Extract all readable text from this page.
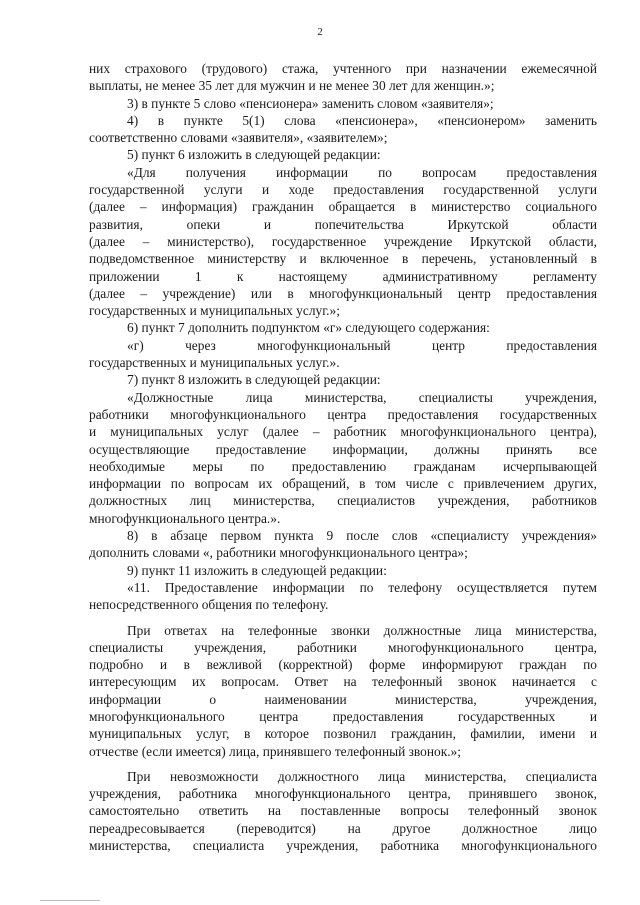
2
них страхового (трудового) стажа, учтенного при назначении ежемесячной
выплаты, не менее 35 лет для мужчин и не менее 30 лет для женщин.»;
3) в пункте 5 слово «пенсионера» заменить словом «заявителя»;
4) в пункте 5(1) слова «пенсионера», «пенсионером» заменить
соответственно словами «заявителя», «заявителем»;
5) пункт 6 изложить в следующей редакции:
«Для получения информации по вопросам предоставления
государственной услуги и ходе предоставления государственной услуги
(далее – информация) гражданин обращается в министерство социального
развития, опеки и попечительства Иркутской области
(далее – министерство), государственное учреждение Иркутской области,
подведомственное министерству и включенное в перечень, установленный в
приложении 1 к настоящему административному регламенту
(далее – учреждение) или в многофункциональный центр предоставления
государственных и муниципальных услуг.»;
6) пункт 7 дополнить подпунктом «г» следующего содержания:
«г) через многофункциональный центр предоставления
государственных и муниципальных услуг.».
7) пункт 8 изложить в следующей редакции:
«Должностные лица министерства, специалисты учреждения,
работники многофункционального центра предоставления государственных
и муниципальных услуг (далее – работник многофункционального центра),
осуществляющие предоставление информации, должны принять все
необходимые меры по предоставлению гражданам исчерпывающей
информации по вопросам их обращений, в том числе с привлечением других,
должностных лиц министерства, специалистов учреждения, работников
многофункционального центра.».
8) в абзаце первом пункта 9 после слов «специалисту учреждения»
дополнить словами «, работники многофункционального центра»;
9) пункт 11 изложить в следующей редакции:
«11. Предоставление информации по телефону осуществляется путем
непосредственного общения по телефону.
При ответах на телефонные звонки должностные лица министерства,
специалисты учреждения, работники многофункционального центра,
подробно и в вежливой (корректной) форме информируют граждан по
интересующим их вопросам. Ответ на телефонный звонок начинается с
информации о наименовании министерства, учреждения,
многофункционального центра предоставления государственных и
муниципальных услуг, в которое позвонил гражданин, фамилии, имени и
отчестве (если имеется) лица, принявшего телефонный звонок.»;
При невозможности должностного лица министерства, специалиста
учреждения, работника многофункционального центра, принявшего звонок,
самостоятельно ответить на поставленные вопросы телефонный звонок
переадресовывается (переводится) на другое должностное лицо
министерства, специалиста учреждения, работника многофункционального
